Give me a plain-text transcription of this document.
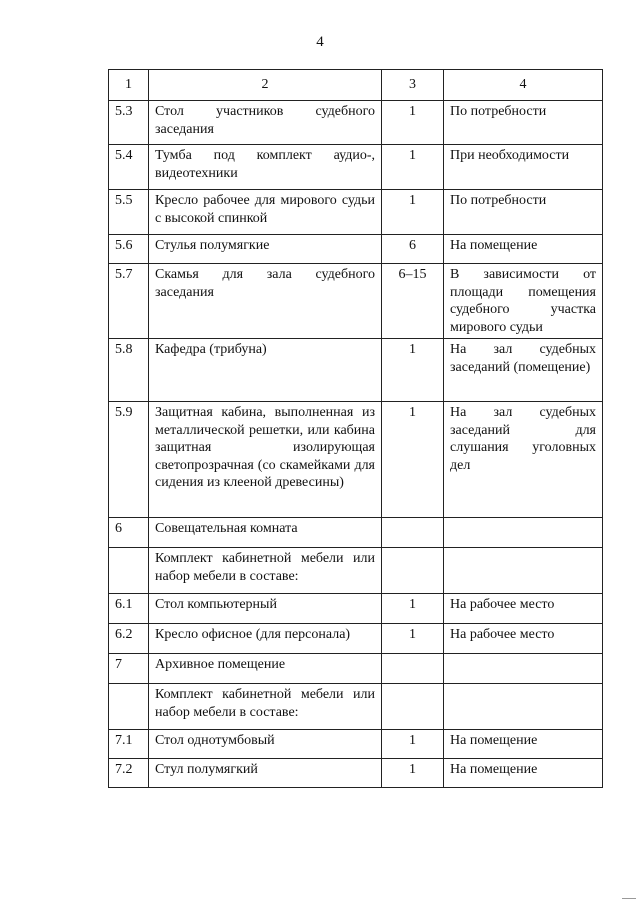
4
1	2	3	4
5.3	Стол участников судебного заседания	1	По потребности
5.4	Тумба под комплект аудио-, видеотехники	1	При необходимости
5.5	Кресло рабочее для мирового судьи с высокой спинкой	1	По потребности
5.6	Стулья полумягкие	6	На помещение
5.7	Скамья для зала судебного заседания	6–15	В зависимости от площади помещения судебного участка мирового судьи
5.8	Кафедра (трибуна)	1	На зал судебных заседаний (помещение)
5.9	Защитная кабина, выполненная из металлической решетки, или кабина защитная изолирующая светопрозрачная (со скамейками для сидения из клееной древесины)	1	На зал судебных заседаний для слушания уголовных дел
6	Совещательная комната		
	Комплект кабинетной мебели или набор мебели в составе:		
6.1	Стол компьютерный	1	На рабочее место
6.2	Кресло офисное (для персонала)	1	На рабочее место
7	Архивное помещение		
	Комплект кабинетной мебели или набор мебели в составе:		
7.1	Стол однотумбовый	1	На помещение
7.2	Стул полумягкий	1	На помещение
